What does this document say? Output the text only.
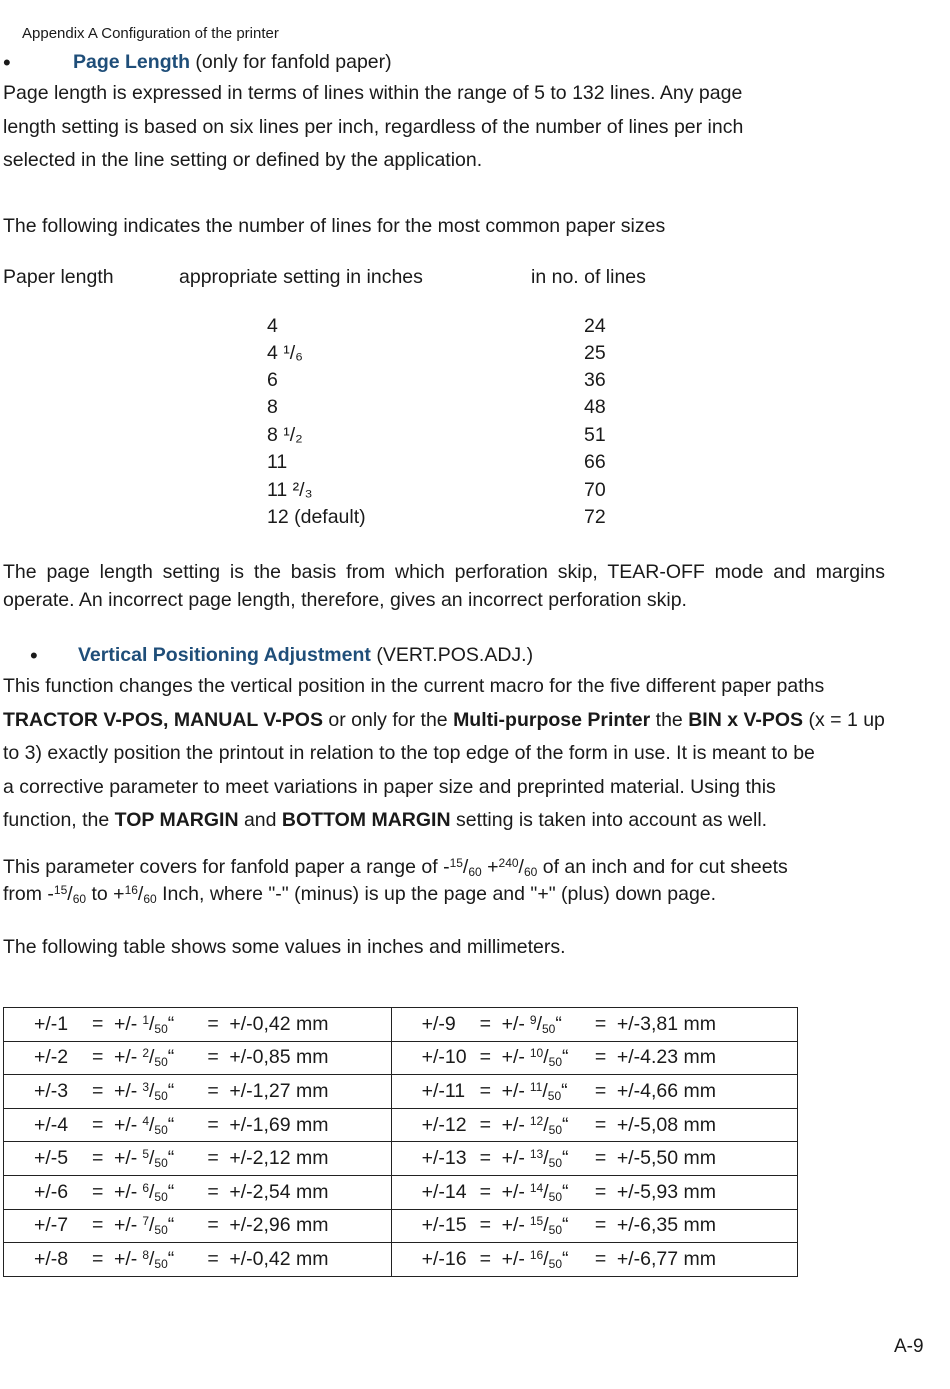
Appendix A Configuration of the printer
•	Page Length (only for fanfold paper)
Page length is expressed in terms of lines within the range of 5 to 132 lines. Any page
length setting is based on six lines per inch, regardless of the number of lines per inch
selected in the line setting or defined by the application.
The following indicates the number of lines for the most common paper sizes
Paper length	appropriate setting in inches	in no. of lines
4	24
4 ¹/₆	25
6	36
8	48
8 ¹/₂	51
11	66
11 ²/₃	70
12 (default)	72
The page length setting is the basis from which perforation skip, TEAR-OFF mode and margins
operate. An incorrect page length, therefore, gives an incorrect perforation skip.
• Vertical Positioning Adjustment (VERT.POS.ADJ.)
This function changes the vertical position in the current macro for the five different paper paths
TRACTOR V-POS, MANUAL V-POS or only for the Multi-purpose Printer the BIN x V-POS (x = 1 up
to 3) exactly position the printout in relation to the top edge of the form in use. It is meant to be
a corrective parameter to meet variations in paper size and preprinted material. Using this
function, the TOP MARGIN and BOTTOM MARGIN setting is taken into account as well.
This parameter covers for fanfold paper a range of $-^{15}/_{60} +^{240}/_{60}$ of an inch and for cut sheets
from $-^{15}/_{60}$ to $+^{16}/_{60}$ Inch, where "-" (minus) is up the page and "+" (plus) down page.
The following table shows some values in inches and millimeters.
+/-1 = +/- $^1/_{50}“ = +/-0,42$ mm	+/-9 = +/- $^9/_{50}“ = +/-3,81$ mm
+/-2 = +/- $^2/_{50}“ = +/-0,85$ mm	+/-10 = +/- $^{10}/_{50}“ = +/-4.23$ mm
+/-3 = +/- $^3/_{50}“ = +/-1,27$ mm	+/-11 = +/- $^{11}/_{50}“ = +/-4,66$ mm
+/-4 = +/- $^4/_{50}“ = +/-1,69$ mm	+/-12 = +/- $^{12}/_{50}“ = +/-5,08$ mm
+/-5 = +/- $^5/_{50}“ = +/-2,12$ mm	+/-13 = +/- $^{13}/_{50}“ = +/-5,50$ mm
+/-6 = +/- $^6/_{50}“ = +/-2,54$ mm	+/-14 = +/- $^{14}/_{50}“ = +/-5,93$ mm
+/-7 = +/- $^7/_{50}“ = +/-2,96$ mm	+/-15 = +/- $^{15}/_{50}“ = +/-6,35$ mm
+/-8 = +/- $^8/_{50}“ = +/-0,42$ mm	+/-16 = +/- $^{16}/_{50}“ = +/-6,77$ mm
A-9
